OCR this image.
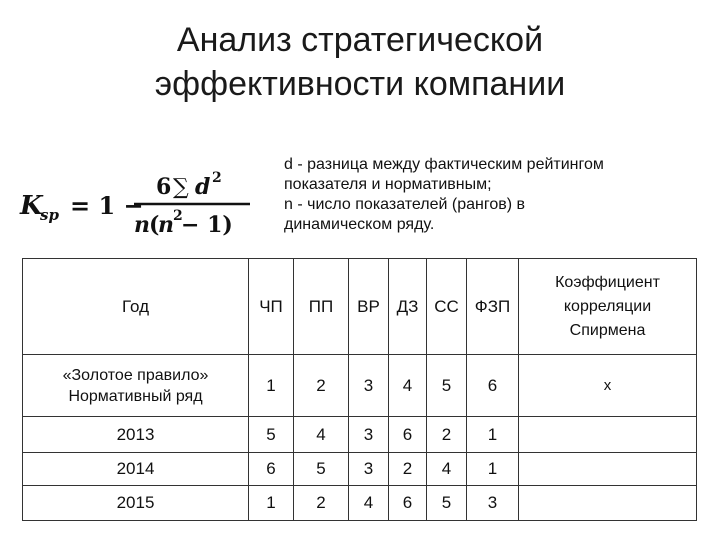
Анализ стратегической
эффективности компании
K
sp = 1 −
6 ∑ d 2
n (
n 2
− 1)
d - разница между фактическим рейтингом
показателя и нормативным;
n - число показателей (рангов) в
динамическом ряду.
Год	ЧП	ПП	ВР	ДЗ	СС	ФЗП	Коэффициент
корреляции
Спирмена

«Золотое правило»
Нормативный ряд	1	2	3	4	5	6	х
2013	5	4	3	6	2	1	
2014	6	5	3	2	4	1	
2015	1	2	4	6	5	3	
